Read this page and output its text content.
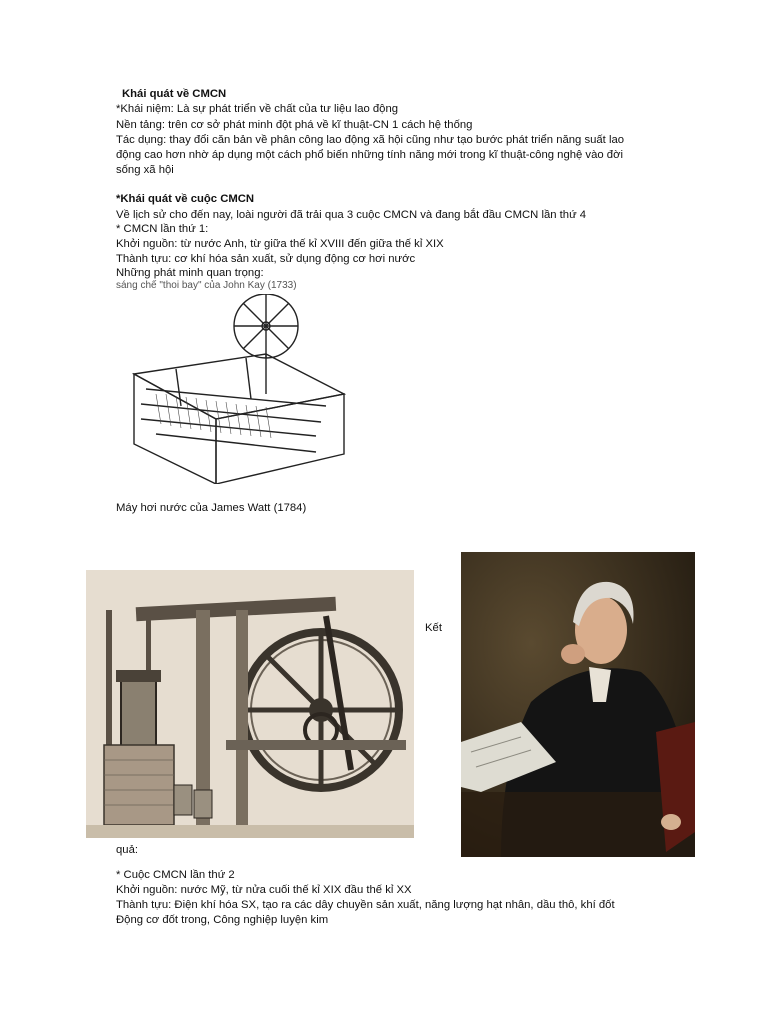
Khái quát về CMCN
*Khái niệm: Là sự phát triển về chất của tư liệu lao động
Nền tảng: trên cơ sở phát minh đột phá về kĩ thuật-CN 1 cách hệ thống
Tác dụng: thay đổi căn bản về phân công lao động xã hội cũng như tạo bước phát triển năng suất lao
động cao hơn nhờ áp dụng một cách phổ biến những tính năng mới trong kĩ thuật-công nghệ vào đời
sống xã hội
*Khái quát về cuộc CMCN
Về lịch sử cho đến nay, loài người đã trải qua 3 cuộc CMCN và đang bắt đầu CMCN lần thứ 4
* CMCN lần thứ 1:
Khởi nguồn: từ nước Anh, từ giữa thế kỉ XVIII đến giữa thế kỉ XIX
Thành tựu: cơ khí hóa sản xuất, sử dụng động cơ hơi nước
Những phát minh quan trọng:
sáng chế "thoi bay" của John Kay (1733)
Máy hơi nước của James Watt (1784)
Kết
quả:
* Cuộc CMCN lần thứ 2
Khởi nguồn: nước Mỹ, từ nửa cuối thế kỉ XIX đầu thế kỉ XX
Thành tựu: Điện khí hóa SX, tạo ra các dây chuyền sản xuất, năng lượng hạt nhân, dầu thô, khí đốt
Động cơ đốt trong, Công nghiệp luyện kim
